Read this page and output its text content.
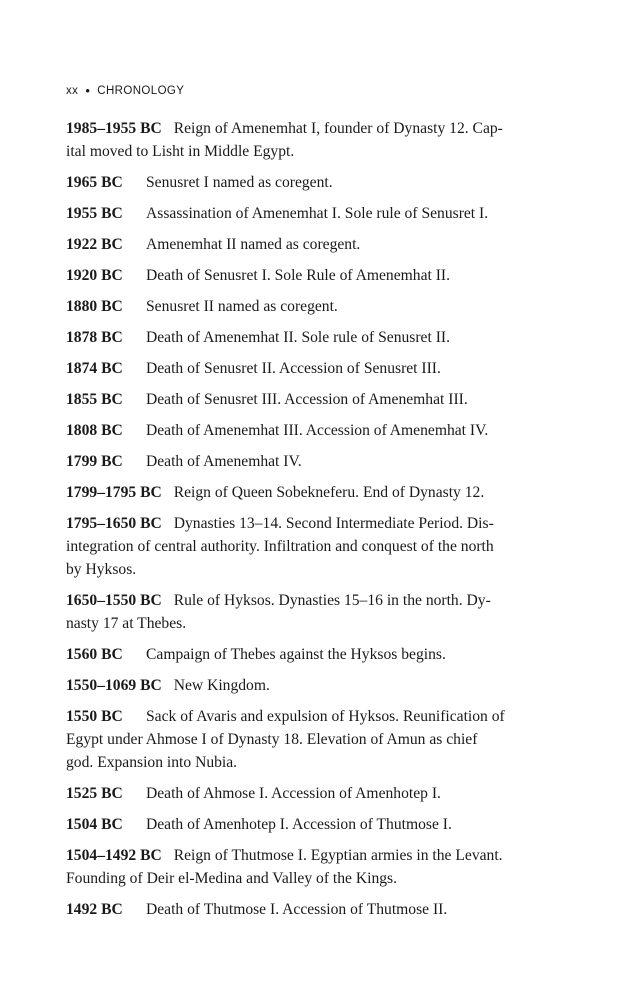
xx • CHRONOLOGY

1985–1955 BC Reign of Amenemhat I, founder of Dynasty 12. Cap-
ital moved to Lisht in Middle Egypt.

1965 BC Senusret I named as coregent.

1955 BC Assassination of Amenemhat I. Sole rule of Senusret I.

1922 BC Amenemhat II named as coregent.

1920 BC Death of Senusret I. Sole Rule of Amenemhat II.

1880 BC Senusret II named as coregent.

1878 BC Death of Amenemhat II. Sole rule of Senusret II.

1874 BC Death of Senusret II. Accession of Senusret III.

1855 BC Death of Senusret III. Accession of Amenemhat III.

1808 BC Death of Amenemhat III. Accession of Amenemhat IV.

1799 BC Death of Amenemhat IV.

1799–1795 BC Reign of Queen Sobekneferu. End of Dynasty 12.

1795–1650 BC Dynasties 13–14. Second Intermediate Period. Dis-
integration of central authority. Infiltration and conquest of the north
by Hyksos.

1650–1550 BC Rule of Hyksos. Dynasties 15–16 in the north. Dy-
nasty 17 at Thebes.

1560 BC Campaign of Thebes against the Hyksos begins.

1550–1069 BC New Kingdom.

1550 BC Sack of Avaris and expulsion of Hyksos. Reunification of
Egypt under Ahmose I of Dynasty 18. Elevation of Amun as chief
god. Expansion into Nubia.

1525 BC Death of Ahmose I. Accession of Amenhotep I.

1504 BC Death of Amenhotep I. Accession of Thutmose I.

1504–1492 BC Reign of Thutmose I. Egyptian armies in the Levant.
Founding of Deir el-Medina and Valley of the Kings.

1492 BC Death of Thutmose I. Accession of Thutmose II.
